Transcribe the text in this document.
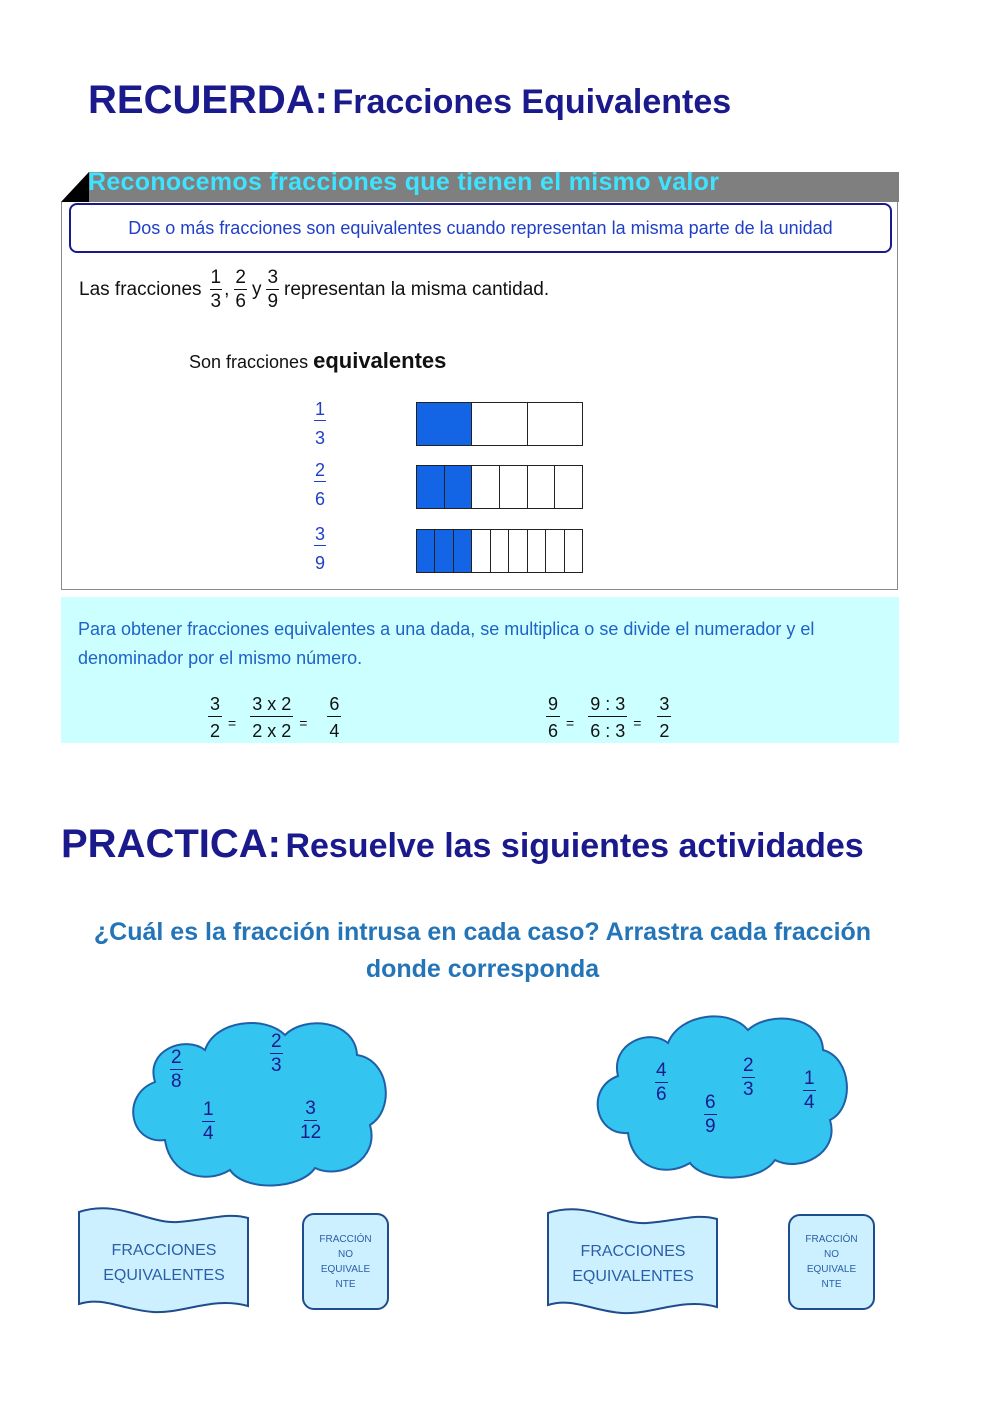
RECUERDA: Fracciones Equivalentes
Reconocemos fracciones que tienen el mismo valor
Dos o más fracciones son equivalentes cuando representan la misma parte de la unidad
Las fracciones $\frac{1}{3}$ , $\frac{2}{6}$ y $\frac{3}{9}$ representan la misma cantidad.
Son fracciones equivalentes
$\frac{1}{3}$
$\frac{2}{6}$
$\frac{3}{9}$
Para obtener fracciones equivalentes a una dada, se multiplica o se divide el numerador y el denominador por el mismo número.
$\frac{3}{2} = \frac{3 x 2}{2 x 2} = \frac{6}{4}$	$\frac{9}{6} = \frac{9 : 3}{6 : 3} = \frac{3}{2}$
PRACTICA: Resuelve las siguientes actividades
¿Cuál es la fracción intrusa en cada caso? Arrastra cada fracción donde corresponda
$\frac{2}{8}$	$\frac{2}{3}$
$\frac{1}{4}$	$\frac{3}{12}$
$\frac{4}{6}$	$\frac{2}{3}$	$\frac{1}{4}$
$\frac{6}{9}$
FRACCIONES
EQUIVALENTES
FRACCIÓN
NO
EQUIVALE
NTE
FRACCIONES
EQUIVALENTES
FRACCIÓN
NO
EQUIVALE
NTE
